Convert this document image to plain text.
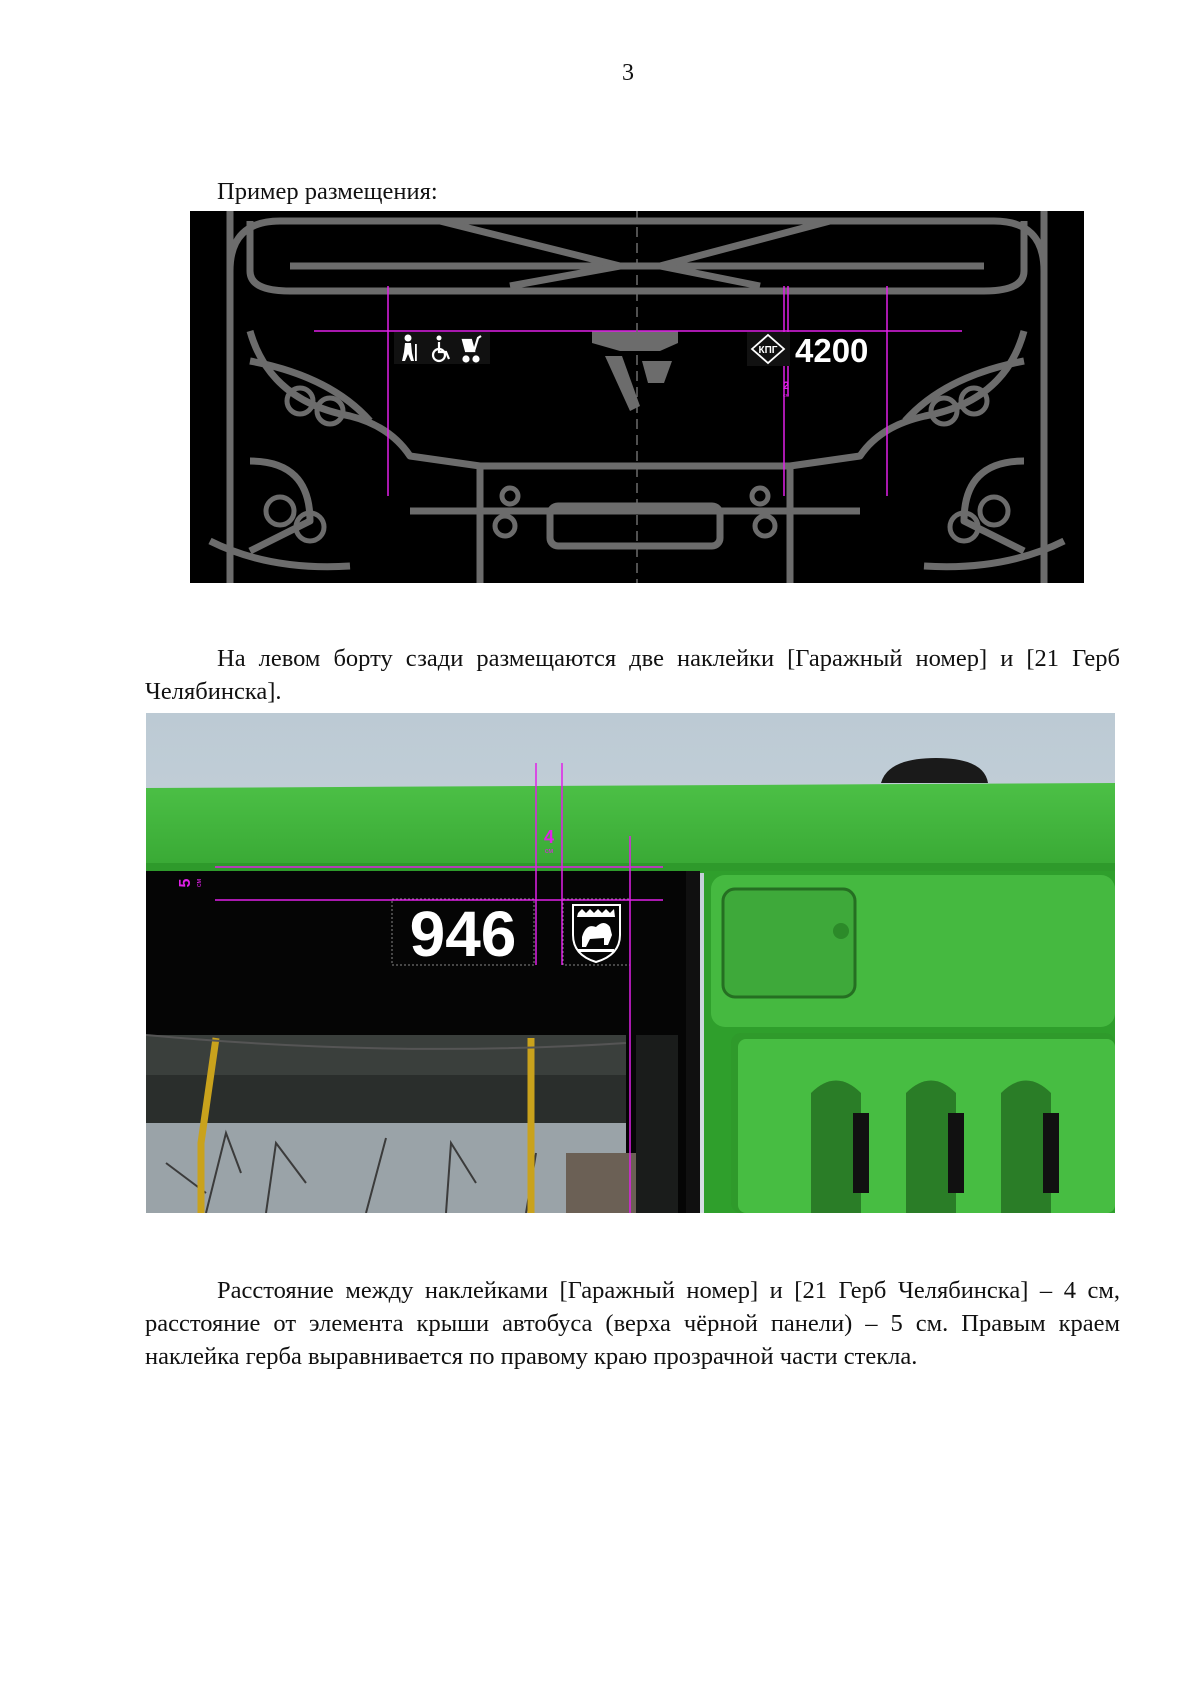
3

Пример размещения:

КПГ 4200
2
см

На левом борту сзади размещаются две наклейки [Гаражный номер] и [21 Герб Челябинска].

946
4
см
5 см

Расстояние между наклейками [Гаражный номер] и [21 Герб Челябинска] – 4 см, расстояние от элемента крыши автобуса (верха чёрной панели) – 5 см. Правым краем наклейка герба выравнивается по правому краю прозрачной части стекла.
